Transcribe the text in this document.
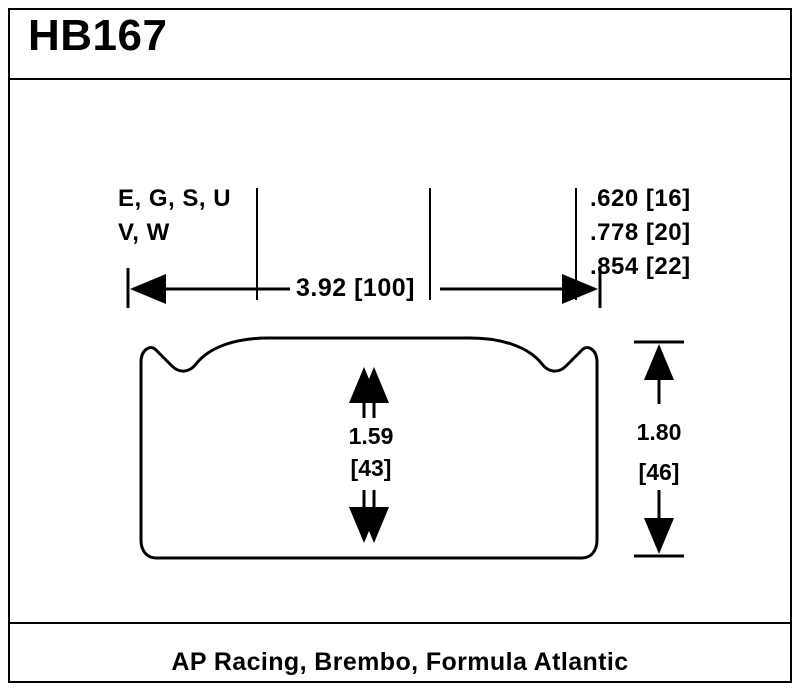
HB167
E, G, S, U
V, W
.620 [16]
.778 [20]
.854 [22]
3.92 [100]
1.59
[43]
1.80
[46]
AP Racing, Brembo, Formula Atlantic
